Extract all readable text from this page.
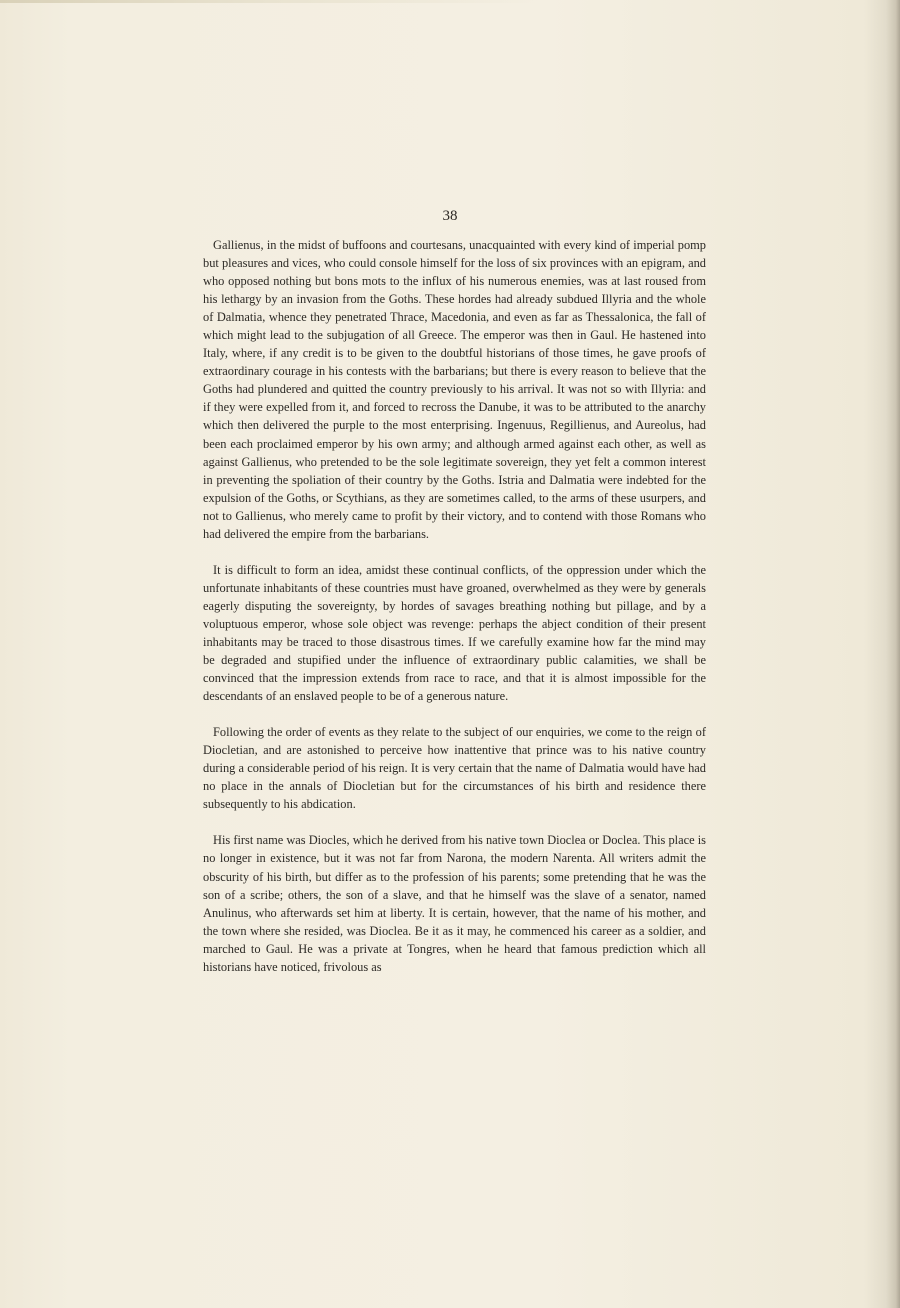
38

Gallienus, in the midst of buffoons and courtesans, unacquainted with every kind of imperial pomp but pleasures and vices, who could console himself for the loss of six provinces with an epigram, and who opposed nothing but bons mots to the influx of his numerous enemies, was at last roused from his lethargy by an invasion from the Goths. These hordes had already subdued Illyria and the whole of Dalmatia, whence they penetrated Thrace, Macedonia, and even as far as Thessalonica, the fall of which might lead to the subjugation of all Greece. The emperor was then in Gaul. He hastened into Italy, where, if any credit is to be given to the doubtful historians of those times, he gave proofs of extraordinary courage in his contests with the barbarians; but there is every reason to believe that the Goths had plundered and quitted the country previously to his arrival. It was not so with Illyria: and if they were expelled from it, and forced to recross the Danube, it was to be attributed to the anarchy which then delivered the purple to the most enterprising. Ingenuus, Regillienus, and Aureolus, had been each proclaimed emperor by his own army; and although armed against each other, as well as against Gallienus, who pretended to be the sole legitimate sovereign, they yet felt a common interest in preventing the spoliation of their country by the Goths. Istria and Dalmatia were indebted for the expulsion of the Goths, or Scythians, as they are sometimes called, to the arms of these usurpers, and not to Gallienus, who merely came to profit by their victory, and to contend with those Romans who had delivered the empire from the barbarians.

It is difficult to form an idea, amidst these continual conflicts, of the oppression under which the unfortunate inhabitants of these countries must have groaned, overwhelmed as they were by generals eagerly disputing the sovereignty, by hordes of savages breathing nothing but pillage, and by a voluptuous emperor, whose sole object was revenge: perhaps the abject condition of their present inhabitants may be traced to those disastrous times. If we carefully examine how far the mind may be degraded and stupified under the influence of extraordinary public calamities, we shall be convinced that the impression extends from race to race, and that it is almost impossible for the descendants of an enslaved people to be of a generous nature.

Following the order of events as they relate to the subject of our enquiries, we come to the reign of Diocletian, and are astonished to perceive how inattentive that prince was to his native country during a considerable period of his reign. It is very certain that the name of Dalmatia would have had no place in the annals of Diocletian but for the circumstances of his birth and residence there subsequently to his abdication.

His first name was Diocles, which he derived from his native town Dioclea or Doclea. This place is no longer in existence, but it was not far from Narona, the modern Narenta. All writers admit the obscurity of his birth, but differ as to the profession of his parents; some pretending that he was the son of a scribe; others, the son of a slave, and that he himself was the slave of a senator, named Anulinus, who afterwards set him at liberty. It is certain, however, that the name of his mother, and the town where she resided, was Dioclea. Be it as it may, he commenced his career as a soldier, and marched to Gaul. He was a private at Tongres, when he heard that famous prediction which all historians have noticed, frivolous as
